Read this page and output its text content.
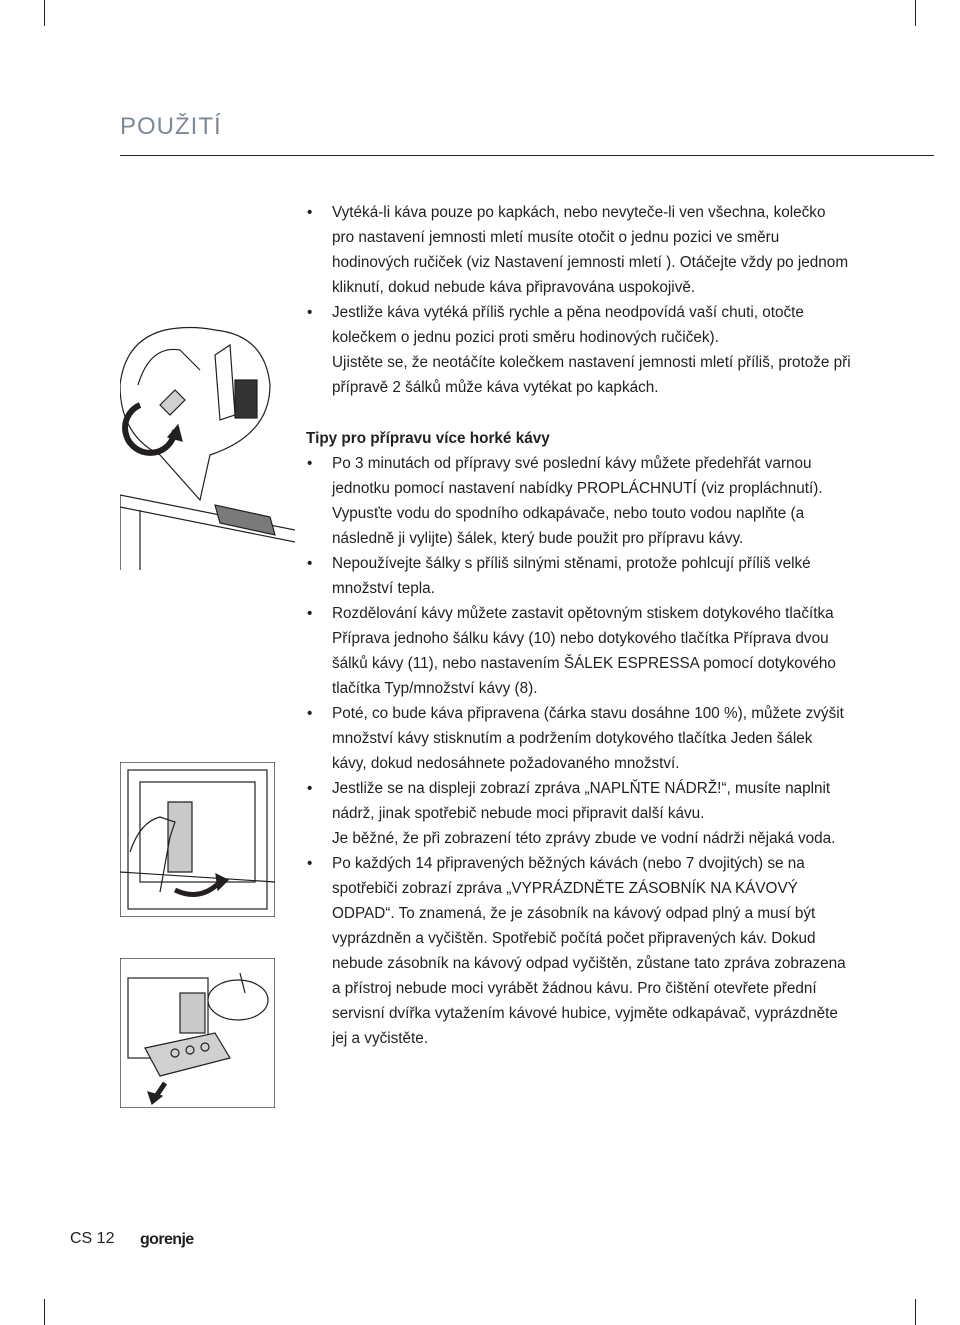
POUŽITÍ

• Vytéká-li káva pouze po kapkách, nebo nevyteče-li ven všechna, kolečko pro nastavení jemnosti mletí musíte otočit o jednu pozici ve směru hodinových ručiček (viz Nastavení jemnosti mletí ). Otáčejte vždy po jednom kliknutí, dokud nebude káva připravována uspokojivě.

• Jestliže káva vytéká příliš rychle a pěna neodpovídá vaší chuti, otočte kolečkem o jednu pozici proti směru hodinových ručiček).

Ujistěte se, že neotáčíte kolečkem nastavení jemnosti mletí příliš, protože při přípravě 2 šálků může káva vytékat po kapkách.

Tipy pro přípravu více horké kávy

• Po 3 minutách od přípravy své poslední kávy můžete předehřát varnou jednotku pomocí nastavení nabídky PROPLÁCHNUTÍ (viz propláchnutí).

Vypusťte vodu do spodního odkapávače, nebo touto vodou naplňte (a následně ji vylijte) šálek, který bude použit pro přípravu kávy.

• Nepoužívejte šálky s příliš silnými stěnami, protože pohlcují příliš velké množství tepla.

• Rozdělování kávy můžete zastavit opětovným stiskem dotykového tlačítka Příprava jednoho šálku kávy (10) nebo dotykového tlačítka Příprava dvou šálků kávy (11), nebo nastavením ŠÁLEK ESPRESSA pomocí dotykového tlačítka Typ/množství kávy (8).

• Poté, co bude káva připravena (čárka stavu dosáhne 100 %), můžete zvýšit množství kávy stisknutím a podržením dotykového tlačítka Jeden šálek kávy, dokud nedosáhnete požadovaného množství.

• Jestliže se na displeji zobrazí zpráva „NAPLŇTE NÁDRŽ!“, musíte naplnit nádrž, jinak spotřebič nebude moci připravit další kávu.

Je běžné, že při zobrazení této zprávy zbude ve vodní nádrži nějaká voda.

• Po každých 14 připravených běžných kávách (nebo 7 dvojitých) se na spotřebiči zobrazí zpráva „VYPRÁZDNĚTE ZÁSOBNÍK NA KÁVOVÝ ODPAD“. To znamená, že je zásobník na kávový odpad plný a musí být vyprázdněn a vyčištěn. Spotřebič počítá počet připravených káv. Dokud nebude zásobník na kávový odpad vyčištěn, zůstane tato zpráva zobrazena a přístroj nebude moci vyrábět žádnou kávu. Pro čištění otevřete přední servisní dvířka vytažením kávové hubice, vyjměte odkapávač, vyprázdněte jej a vyčistěte.

CS 12 gorenje
